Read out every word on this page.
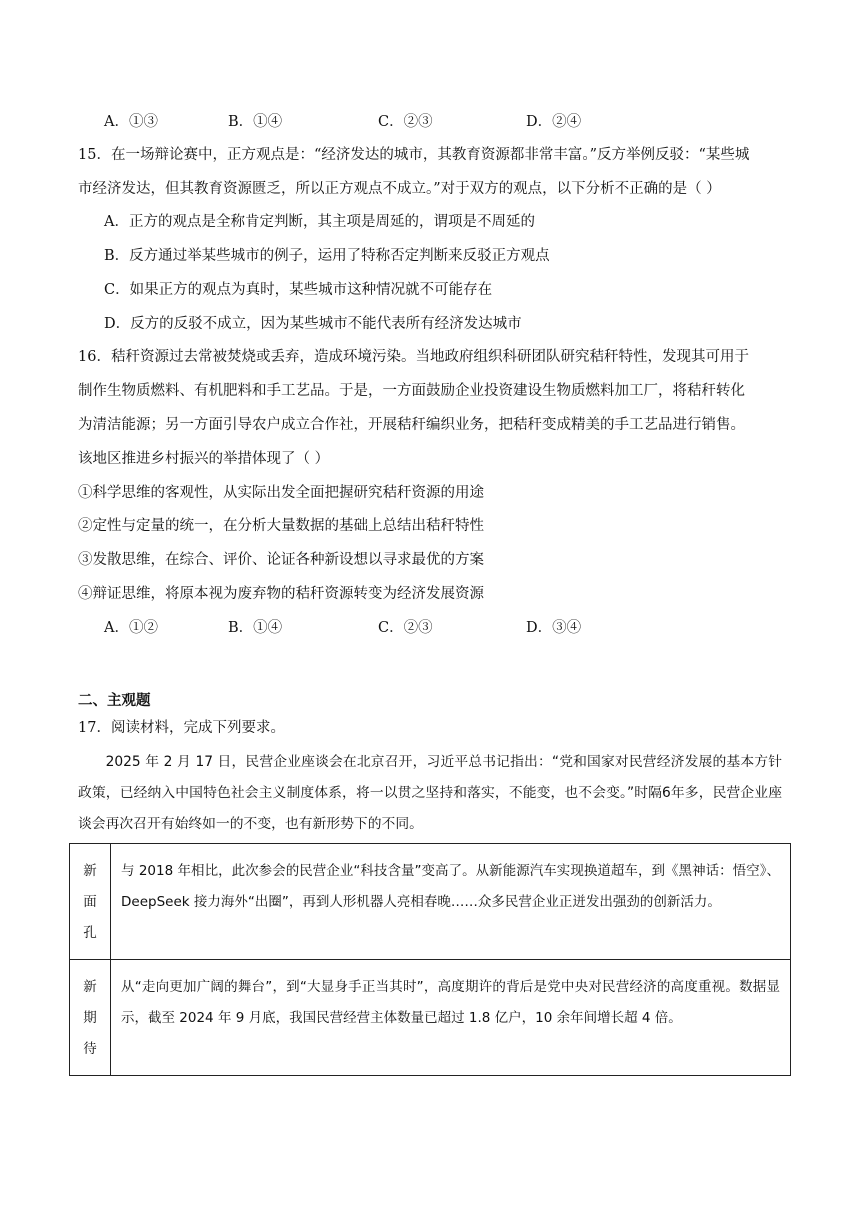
A．①③	B．①④	C．②③	D．②④
15．在一场辩论赛中，正方观点是：“经济发达的城市，其教育资源都非常丰富。”反方举例反驳：“某些城
市经济发达，但其教育资源匮乏，所以正方观点不成立。”对于双方的观点，以下分析不正确的是（ ）
A．正方的观点是全称肯定判断，其主项是周延的，谓项是不周延的
B．反方通过举某些城市的例子，运用了特称否定判断来反驳正方观点
C．如果正方的观点为真时，某些城市这种情况就不可能存在
D．反方的反驳不成立，因为某些城市不能代表所有经济发达城市
16．秸秆资源过去常被焚烧或丢弃，造成环境污染。当地政府组织科研团队研究秸秆特性，发现其可用于
制作生物质燃料、有机肥料和手工艺品。于是，一方面鼓励企业投资建设生物质燃料加工厂，将秸秆转化
为清洁能源；另一方面引导农户成立合作社，开展秸秆编织业务，把秸秆变成精美的手工艺品进行销售。
该地区推进乡村振兴的举措体现了（ ）
①科学思维的客观性，从实际出发全面把握研究秸秆资源的用途
②定性与定量的统一，在分析大量数据的基础上总结出秸秆特性
③发散思维，在综合、评价、论证各种新设想以寻求最优的方案
④辩证思维，将原本视为废弃物的秸秆资源转变为经济发展资源
A．①②	B．①④	C．②③	D．③④
二、主观题
17．阅读材料，完成下列要求。

2025 年 2 月 17 日，民营企业座谈会在北京召开，习近平总书记指出：“党和国家对民营经济发展的基本方针政策，已经纳入中国特色社会主义制度体系，将一以贯之坚持和落实，不能变，也不会变。”时隔6年多，民营企业座谈会再次召开有始终如一的不变，也有新形势下的不同。

新
面
孔	与 2018 年相比，此次参会的民营企业“科技含量”变高了。从新能源汽车实现换道超车，到《黑神话：悟空》、DeepSeek 接力海外“出圈”，再到人形机器人亮相春晚……众多民营企业正迸发出强劲的创新活力。

新
期
待	从“走向更加广阔的舞台”，到“大显身手正当其时”，高度期许的背后是党中央对民营经济的高度重视。数据显示，截至 2024 年 9 月底，我国民营经营主体数量已超过 1.8 亿户，10 余年间增长超 4 倍。
